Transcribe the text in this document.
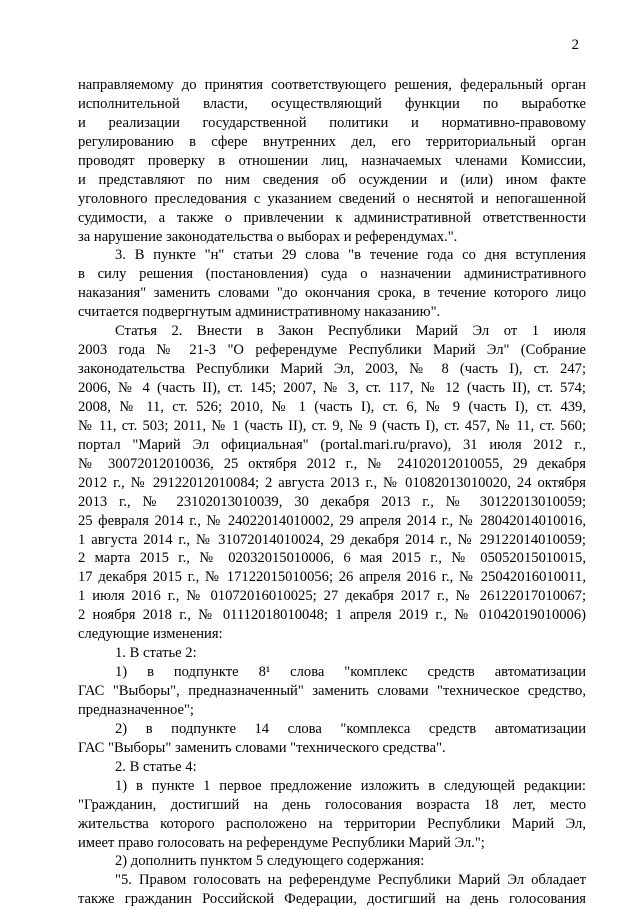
2
направляемому до принятия соответствующего решения, федеральный орган
исполнительной власти, осуществляющий функции по выработке
и реализации государственной политики и нормативно-правовому
регулированию в сфере внутренних дел, его территориальный орган
проводят проверку в отношении лиц, назначаемых членами Комиссии,
и представляют по ним сведения об осуждении и (или) ином факте
уголовного преследования с указанием сведений о неснятой и непогашенной
судимости, а также о привлечении к административной ответственности
за нарушение законодательства о выборах и референдумах.".
3. В пункте "н" статьи 29 слова "в течение года со дня вступления
в силу решения (постановления) суда о назначении административного
наказания" заменить словами "до окончания срока, в течение которого лицо
считается подвергнутым административному наказанию".
Статья 2. Внести в Закон Республики Марий Эл от 1 июля
2003 года № 21-З "О референдуме Республики Марий Эл" (Собрание
законодательства Республики Марий Эл, 2003, № 8 (часть I), ст. 247;
2006, № 4 (часть II), ст. 145; 2007, № 3, ст. 117, № 12 (часть II), ст. 574;
2008, № 11, ст. 526; 2010, № 1 (часть I), ст. 6, № 9 (часть I), ст. 439,
№ 11, ст. 503; 2011, № 1 (часть II), ст. 9, № 9 (часть I), ст. 457, № 11, ст. 560;
портал "Марий Эл официальная" (portal.mari.ru/pravo), 31 июля 2012 г.,
№ 30072012010036, 25 октября 2012 г., № 24102012010055, 29 декабря
2012 г., № 29122012010084; 2 августа 2013 г., № 01082013010020, 24 октября
2013 г., № 23102013010039, 30 декабря 2013 г., № 30122013010059;
25 февраля 2014 г., № 24022014010002, 29 апреля 2014 г., № 28042014010016,
1 августа 2014 г., № 31072014010024, 29 декабря 2014 г., № 29122014010059;
2 марта 2015 г., № 02032015010006, 6 мая 2015 г., № 05052015010015,
17 декабря 2015 г., № 17122015010056; 26 апреля 2016 г., № 25042016010011,
1 июля 2016 г., № 01072016010025; 27 декабря 2017 г., № 26122017010067;
2 ноября 2018 г., № 01112018010048; 1 апреля 2019 г., № 01042019010006)
следующие изменения:
1. В статье 2:
1) в подпункте 8¹ слова "комплекс средств автоматизации
ГАС "Выборы", предназначенный" заменить словами "техническое средство,
предназначенное";
2) в подпункте 14 слова "комплекса средств автоматизации
ГАС "Выборы" заменить словами "технического средства".
2. В статье 4:
1) в пункте 1 первое предложение изложить в следующей редакции:
"Гражданин, достигший на день голосования возраста 18 лет, место
жительства которого расположено на территории Республики Марий Эл,
имеет право голосовать на референдуме Республики Марий Эл.";
2) дополнить пунктом 5 следующего содержания:
"5. Правом голосовать на референдуме Республики Марий Эл обладает
также гражданин Российской Федерации, достигший на день голосования
